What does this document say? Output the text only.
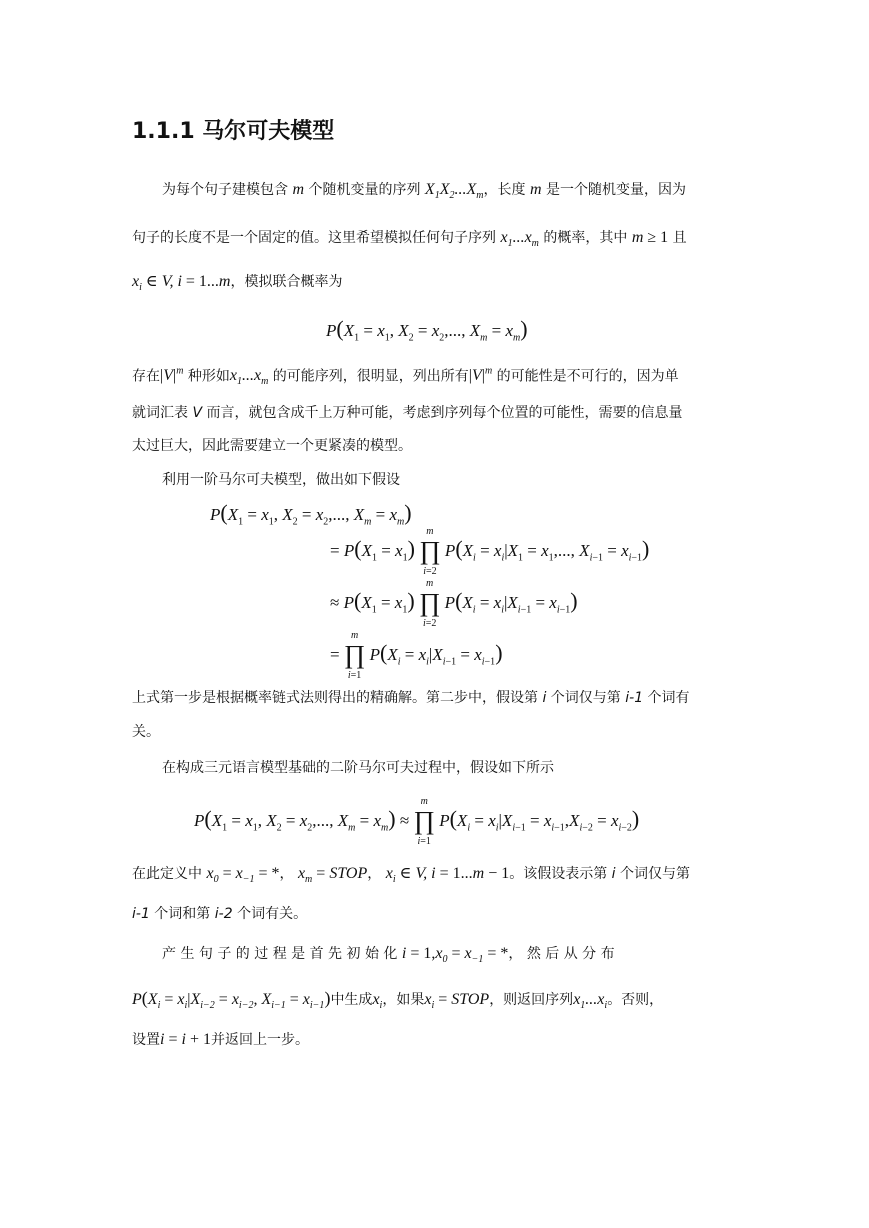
1.1.1 马尔可夫模型
为每个句子建模包含 m 个随机变量的序列 $X_1X_2...X_m$，长度 m 是一个随机变量，因为
句子的长度不是一个固定的值。这里希望模拟任何句子序列 $x_1...x_m$ 的概率，其中 m ≥ 1 且
$x_i$ ∈ V, i = 1...m，模拟联合概率为
$P(X_1 = x_1$, $X_2 = x_2$,..., $X_m = x_m$)
存在$|V|^m$ 种形如$x_1...x_m$ 的可能序列，很明显，列出所有$|V|^m$ 的可能性是不可行的，因为单
就词汇表 V 而言，就包含成千上万种可能，考虑到序列每个位置的可能性，需要的信息量
太过巨大，因此需要建立一个更紧凑的模型。
利用一阶马尔可夫模型，做出如下假设
$P(X_1 = x_1$, $X_2 = x_2$,..., $X_m = x_m$)
= $P(X_1 = x_1)$
m
∏
i=2
$P(X_i = x_i|X_1 = x_1$,..., $X_{i-1} = x_{i-1}$)
≈ $P(X_1 = x_1)$
m
∏
i=2
$P(X_i = x_i|X_{i-1} = x_{i-1})$
=
m
∏
i=1
$P(X_i = x_i|X_{i-1} = x_{i-1})$
上式第一步是根据概率链式法则得出的精确解。第二步中，假设第 i 个词仅与第 i-1 个词有
关。
在构成三元语言模型基础的二阶马尔可夫过程中，假设如下所示
$P(X_1 = x_1$, $X_2 = x_2$,..., $X_m = x_m$) ≈
m
∏
i=1
$P(X_i = x_i|X_{i-1} = x_{i-1},X_{i-2} = x_{i-2})$
在此定义中 $x_0 = x_{-1}$ = *， $x_m$ = STOP， $x_i$ ∈ V, i = 1...m − 1。该假设表示第 i 个词仅与第
i-1 个词和第 i-2 个词有关。
产 生 句 子 的 过 程 是 首 先 初 始 化 $i = 1,x_0 = x_{-1}$ = *， 然 后 从 分 布
$P(X_i = x_i|X_{i-2} = x_{i-2}$, $X_{i-1} = x_{i-1}$)中生成$x_i$，如果$x_i$ = STOP，则返回序列$x_1...x_i$。否则，
设置i = i + 1并返回上一步。
